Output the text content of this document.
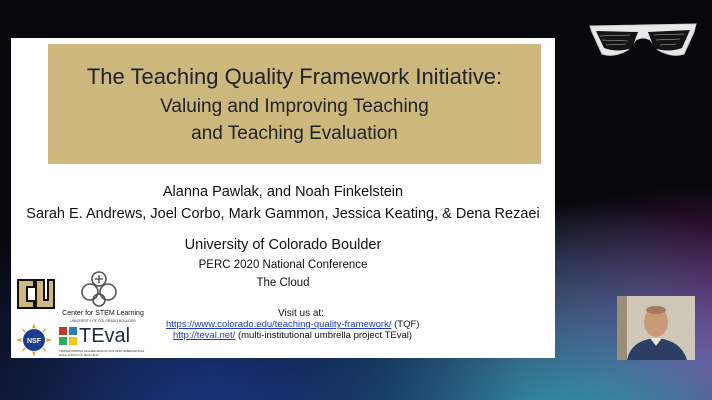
The Teaching Quality Framework Initiative:
Valuing and Improving Teaching
and Teaching Evaluation
Alanna Pawlak, and Noah Finkelstein
Sarah E. Andrews, Joel Corbo, Mark Gammon, Jessica Keating, & Dena Rezaei
University of Colorado Boulder
PERC 2020 National Conference
The Cloud
Visit us at:
https://www.colorado.edu/teaching-quality-framework/ (TQF)
http://teval.net/ (multi-institutional umbrella project TEval)
Center for STEM Learning
UNIVERSITY OF COLORADO BOULDER
NSF TEval
TRANSFORMING HIGHER EDUCATION MULTIDIMENSIONAL EVALUATION OF TEACHING
